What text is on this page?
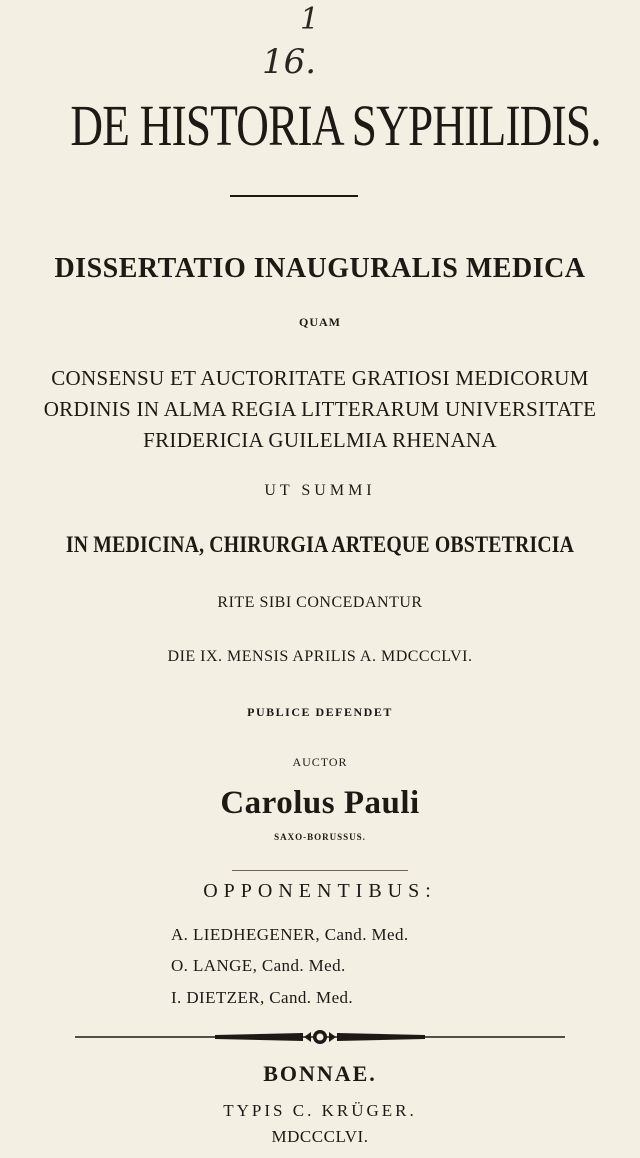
1
16.
DE HISTORIA SYPHILIDIS.
DISSERTATIO INAUGURALIS MEDICA
QUAM
CONSENSU ET AUCTORITATE GRATIOSI MEDICORUM
ORDINIS IN ALMA REGIA LITTERARUM UNIVERSITATE
FRIDERICIA GUILELMIA RHENANA
UT SUMMI
IN MEDICINA, CHIRURGIA ARTEQUE OBSTETRICIA
RITE SIBI CONCEDANTUR
DIE IX. MENSIS APRILIS A. MDCCCLVI.
PUBLICE DEFENDET
AUCTOR
Carolus Pauli
SAXO-BORUSSUS.
OPPONENTIBUS:
A. LIEDHEGENER, Cand. Med.
O. LANGE, Cand. Med.
I. DIETZER, Cand. Med.
BONNAE.
TYPIS C. KRÜGER.
MDCCCLVI.
